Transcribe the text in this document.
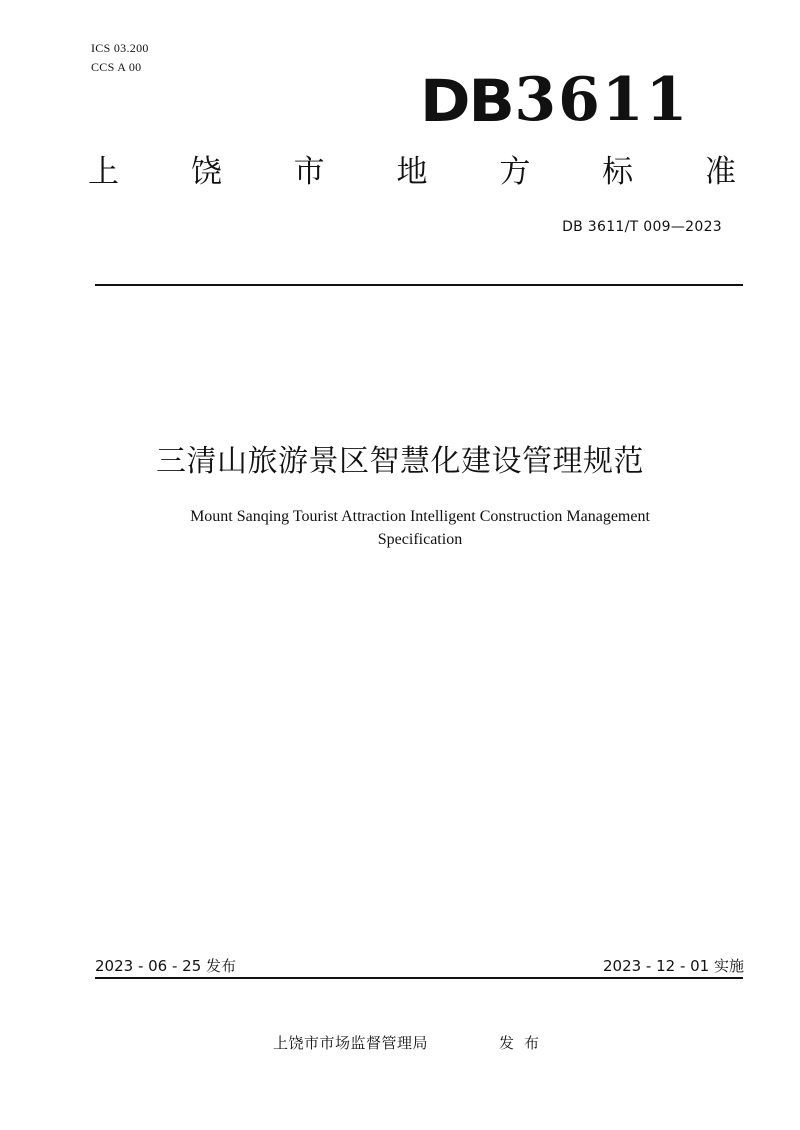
ICS 03.200
CCS A 00	DB 3611
上 饶 市 地 方 标 准
DB 3611/T 009—2023
三清山旅游景区智慧化建设管理规范
Mount Sanqing Tourist Attraction Intelligent Construction Management
Specification
2023 - 06 - 25 发布	2023 - 12 - 01 实施
上饶市市场监督管理局	发布
